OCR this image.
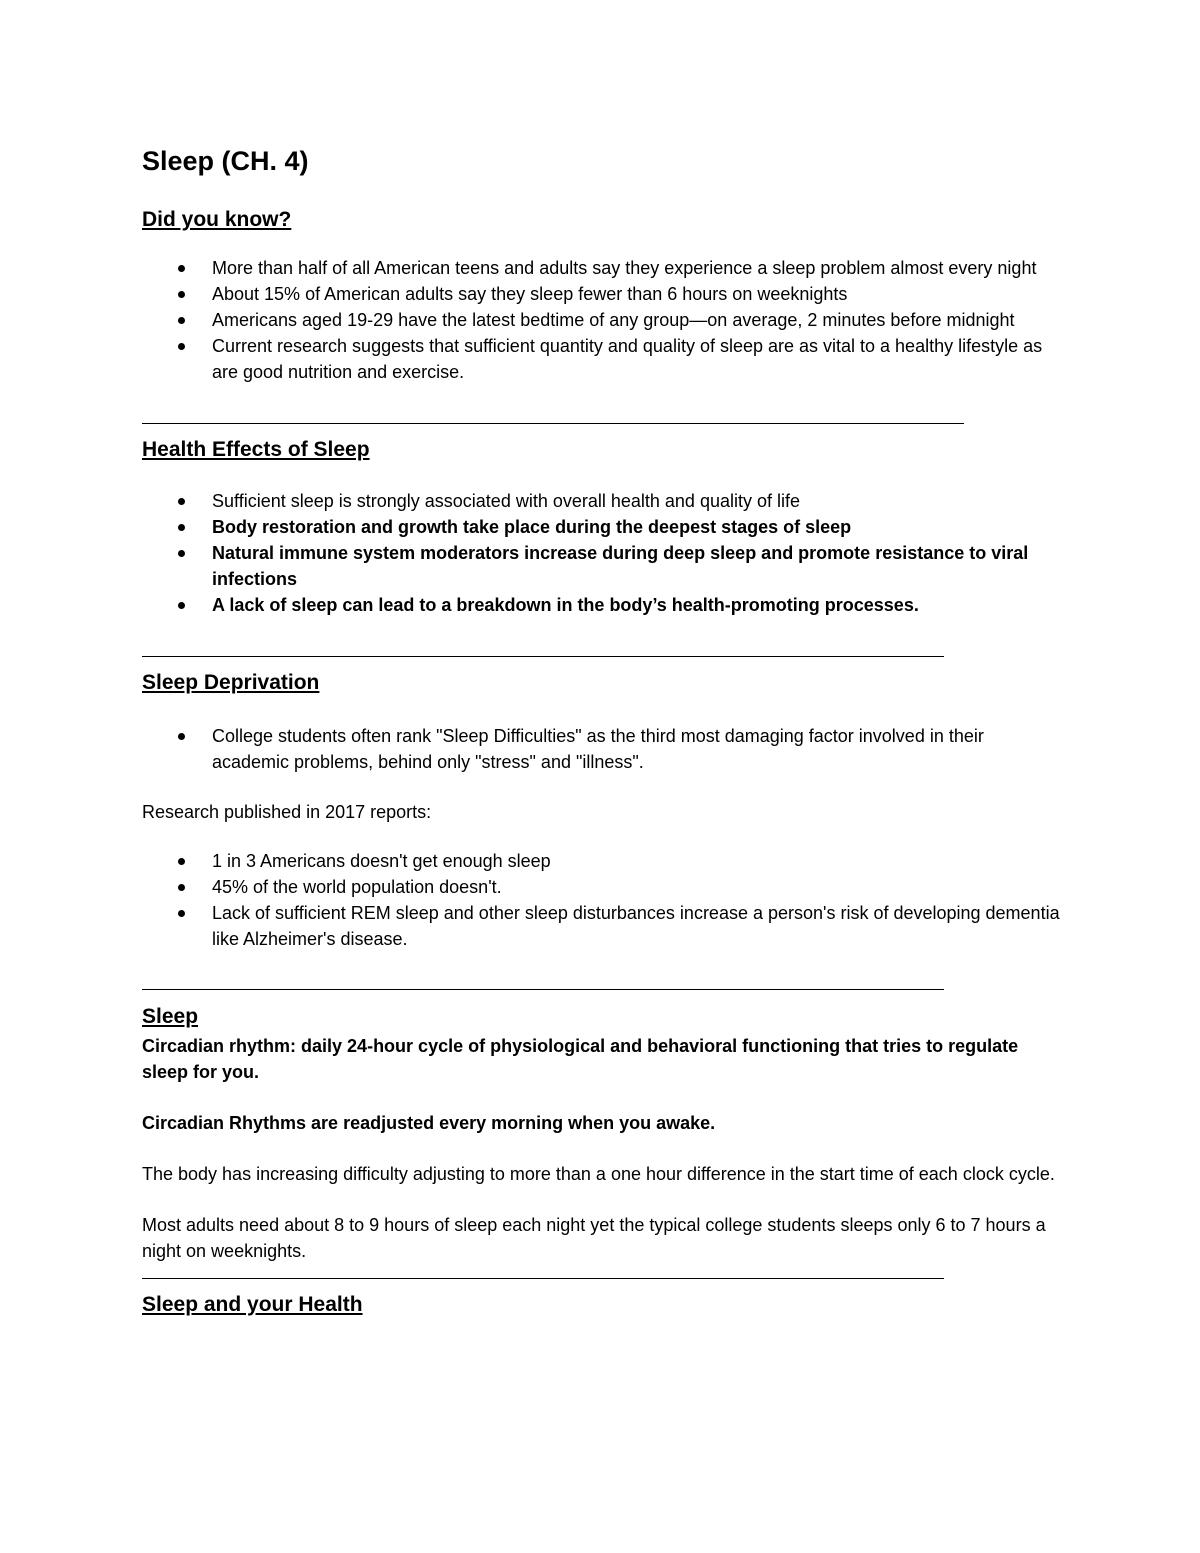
Sleep (CH. 4)
Did you know?
More than half of all American teens and adults say they experience a sleep problem almost every night
About 15% of American adults say they sleep fewer than 6 hours on weeknights
Americans aged 19-29 have the latest bedtime of any group—on average, 2 minutes before midnight
Current research suggests that sufficient quantity and quality of sleep are as vital to a healthy lifestyle as are good nutrition and exercise.
Health Effects of Sleep
Sufficient sleep is strongly associated with overall health and quality of life
Body restoration and growth take place during the deepest stages of sleep
Natural immune system moderators increase during deep sleep and promote resistance to viral infections
A lack of sleep can lead to a breakdown in the body’s health-promoting processes.
Sleep Deprivation
College students often rank "Sleep Difficulties" as the third most damaging factor involved in their academic problems, behind only "stress" and "illness".

Research published in 2017 reports:

1 in 3 Americans doesn't get enough sleep
45% of the world population doesn't.
Lack of sufficient REM sleep and other sleep disturbances increase a person's risk of developing dementia like Alzheimer's disease.
Sleep

Circadian rhythm: daily 24-hour cycle of physiological and behavioral functioning that tries to regulate sleep for you.

Circadian Rhythms are readjusted every morning when you awake.

The body has increasing difficulty adjusting to more than a one hour difference in the start time of each clock cycle.

Most adults need about 8 to 9 hours of sleep each night yet the typical college students sleeps only 6 to 7 hours a night on weeknights.

Sleep and your Health
